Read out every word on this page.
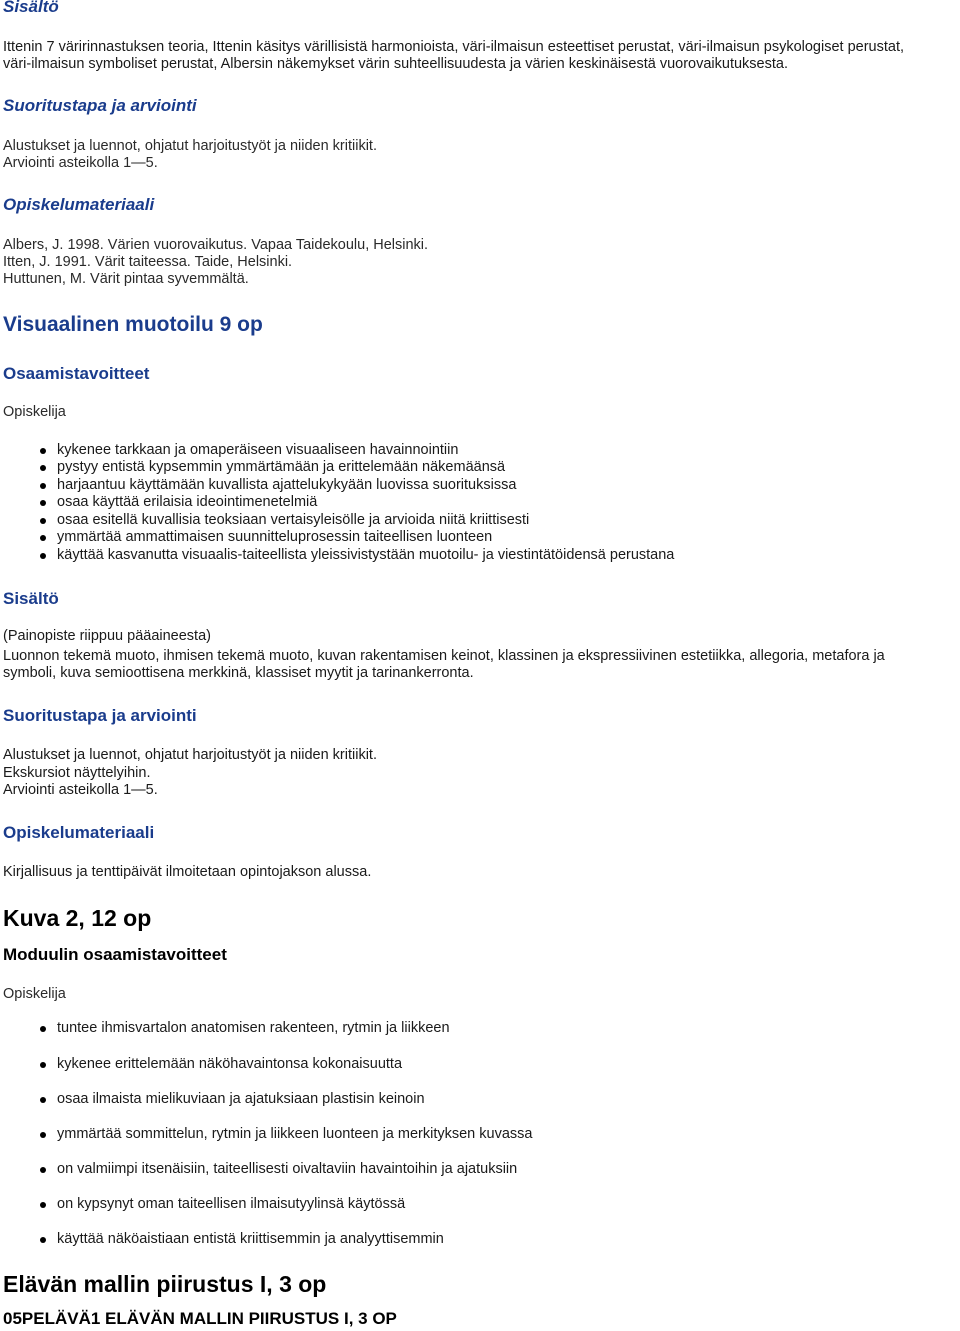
Sisältö

Ittenin 7 väririnnastuksen teoria, Ittenin käsitys värillisistä harmonioista, väri-ilmaisun esteettiset perustat, väri-ilmaisun psykologiset perustat,

väri-ilmaisun symboliset perustat, Albersin näkemykset värin suhteellisuudesta ja värien keskinäisestä vuorovaikutuksesta.

Suoritustapa ja arviointi

Alustukset ja luennot, ohjatut harjoitustyöt ja niiden kritiikit.

Arviointi asteikolla 1—5.

Opiskelumateriaali

Albers, J. 1998. Värien vuorovaikutus. Vapaa Taidekoulu, Helsinki.

Itten, J. 1991. Värit taiteessa. Taide, Helsinki.

Huttunen, M. Värit pintaa syvemmältä.

Visuaalinen muotoilu 9 op
Osaamistavoitteet

Opiskelija

kykenee tarkkaan ja omaperäiseen visuaaliseen havainnointiin
pystyy entistä kypsemmin ymmärtämään ja erittelemään näkemäänsä
harjaantuu käyttämään kuvallista ajattelukykyään luovissa suorituksissa
osaa käyttää erilaisia ideointimenetelmiä
osaa esitellä kuvallisia teoksiaan vertaisyleisölle ja arvioida niitä kriittisesti
ymmärtää ammattimaisen suunnitteluprosessin taiteellisen luonteen
käyttää kasvanutta visuaalis-taiteellista yleissivistystään muotoilu- ja viestintätöidensä perustana
Sisältö

(Painopiste riippuu pääaineesta)

Luonnon tekemä muoto, ihmisen tekemä muoto, kuvan rakentamisen keinot, klassinen ja ekspressiivinen estetiikka, allegoria, metafora ja

symboli, kuva semioottisena merkkinä, klassiset myytit ja tarinankerronta.

Suoritustapa ja arviointi

Alustukset ja luennot, ohjatut harjoitustyöt ja niiden kritiikit.

Ekskursiot näyttelyihin.

Arviointi asteikolla 1—5.

Opiskelumateriaali

Kirjallisuus ja tenttipäivät ilmoitetaan opintojakson alussa.

Kuva 2, 12 op
Moduulin osaamistavoitteet

Opiskelija

tuntee ihmisvartalon anatomisen rakenteen, rytmin ja liikkeen
kykenee erittelemään näköhavaintonsa kokonaisuutta
osaa ilmaista mielikuviaan ja ajatuksiaan plastisin keinoin
ymmärtää sommittelun, rytmin ja liikkeen luonteen ja merkityksen kuvassa
on valmiimpi itsenäisiin, taiteellisesti oivaltaviin havaintoihin ja ajatuksiin
on kypsynyt oman taiteellisen ilmaisutyylinsä käytössä
käyttää näköaistiaan entistä kriittisemmin ja analyyttisemmin
Elävän mallin piirustus I, 3 op
05PELÄVÄ1 ELÄVÄN MALLIN PIIRUSTUS I, 3 OP
